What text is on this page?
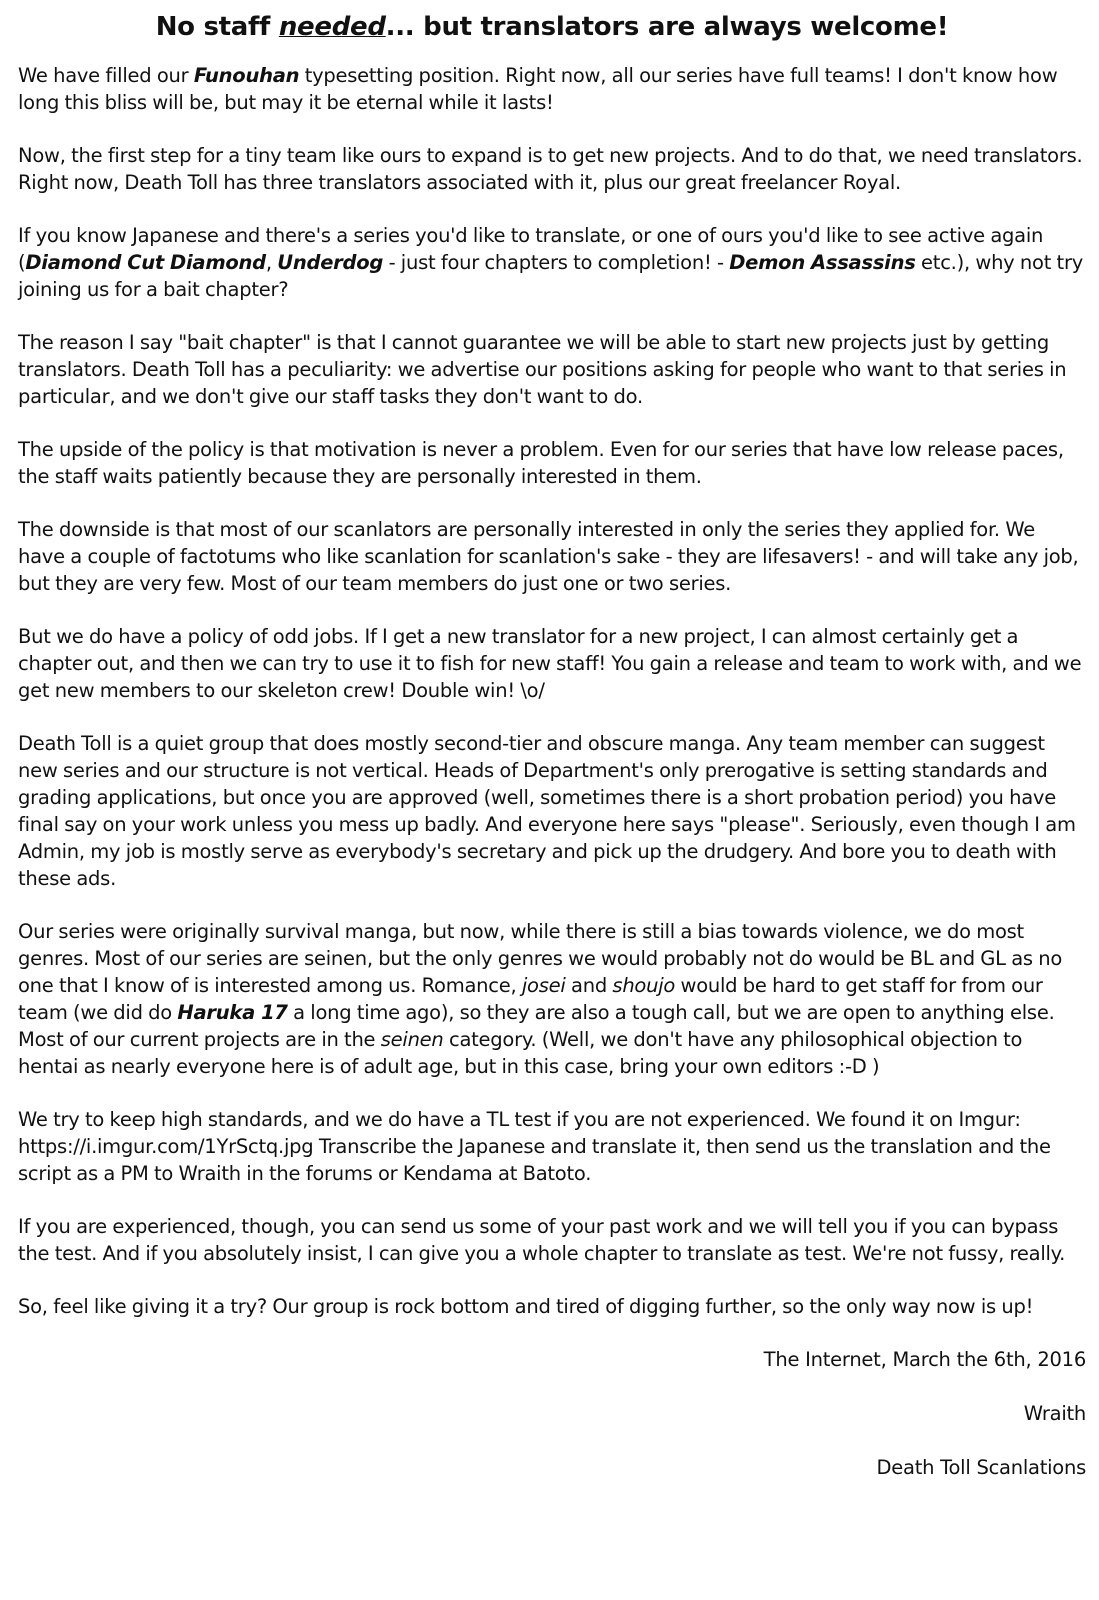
No staff needed... but translators are always welcome!

We have filled our Funouhan typesetting position. Right now, all our series have full teams! I don't know how long this bliss will be, but may it be eternal while it lasts!

Now, the first step for a tiny team like ours to expand is to get new projects. And to do that, we need translators. Right now, Death Toll has three translators associated with it, plus our great freelancer Royal.

If you know Japanese and there's a series you'd like to translate, or one of ours you'd like to see active again (Diamond Cut Diamond, Underdog - just four chapters to completion! - Demon Assassins etc.), why not try joining us for a bait chapter?

The reason I say "bait chapter" is that I cannot guarantee we will be able to start new projects just by getting translators. Death Toll has a peculiarity: we advertise our positions asking for people who want to that series in particular, and we don't give our staff tasks they don't want to do.

The upside of the policy is that motivation is never a problem. Even for our series that have low release paces, the staff waits patiently because they are personally interested in them.

The downside is that most of our scanlators are personally interested in only the series they applied for. We have a couple of factotums who like scanlation for scanlation's sake - they are lifesavers! - and will take any job, but they are very few. Most of our team members do just one or two series.

But we do have a policy of odd jobs. If I get a new translator for a new project, I can almost certainly get a chapter out, and then we can try to use it to fish for new staff! You gain a release and team to work with, and we get new members to our skeleton crew! Double win! \o/

Death Toll is a quiet group that does mostly second-tier and obscure manga. Any team member can suggest new series and our structure is not vertical. Heads of Department's only prerogative is setting standards and grading applications, but once you are approved (well, sometimes there is a short probation period) you have final say on your work unless you mess up badly. And everyone here says "please". Seriously, even though I am Admin, my job is mostly serve as everybody's secretary and pick up the drudgery. And bore you to death with these ads.

Our series were originally survival manga, but now, while there is still a bias towards violence, we do most genres. Most of our series are seinen, but the only genres we would probably not do would be BL and GL as no one that I know of is interested among us. Romance, josei and shoujo would be hard to get staff for from our team (we did do Haruka 17 a long time ago), so they are also a tough call, but we are open to anything else. Most of our current projects are in the seinen category. (Well, we don't have any philosophical objection to hentai as nearly everyone here is of adult age, but in this case, bring your own editors :-D )

We try to keep high standards, and we do have a TL test if you are not experienced. We found it on Imgur: https://i.imgur.com/1YrSctq.jpg Transcribe the Japanese and translate it, then send us the translation and the script as a PM to Wraith in the forums or Kendama at Batoto.

If you are experienced, though, you can send us some of your past work and we will tell you if you can bypass the test. And if you absolutely insist, I can give you a whole chapter to translate as test. We're not fussy, really.

So, feel like giving it a try? Our group is rock bottom and tired of digging further, so the only way now is up!

The Internet, March the 6th, 2016
Wraith
Death Toll Scanlations
